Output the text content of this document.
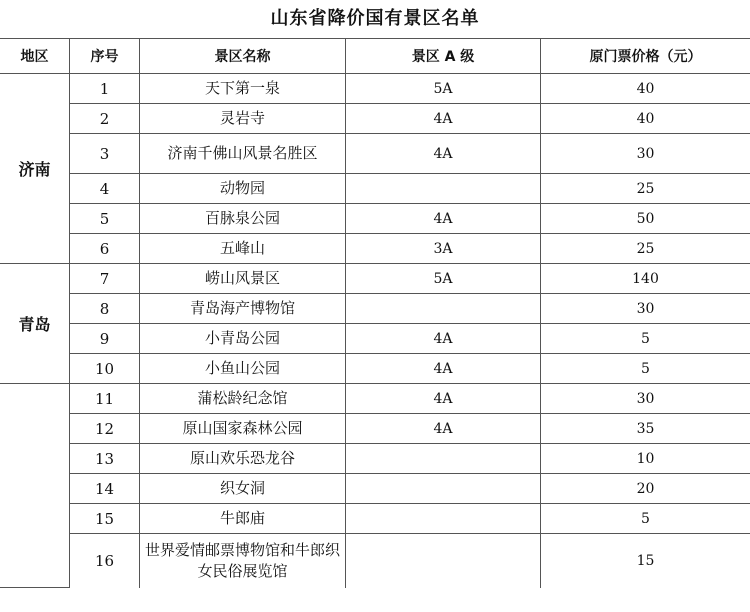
山东省降价国有景区名单
地区	序号	景区名称	景区 A 级	原门票价格（元）
济南	1	天下第一泉	5A	40
	2	灵岩寺	4A	40
	3	济南千佛山风景名胜区	4A	30
	4	动物园		25
	5	百脉泉公园	4A	50
	6	五峰山	3A	25
青岛	7	崂山风景区	5A	140
	8	青岛海产博物馆		30
	9	小青岛公园	4A	5
	10	小鱼山公园	4A	5
	11	蒲松龄纪念馆	4A	30
	12	原山国家森林公园	4A	35
	13	原山欢乐恐龙谷		10
	14	织女洞		20
	15	牛郎庙		5
	16	世界爱情邮票博物馆和牛郎织女民俗展览馆		15
